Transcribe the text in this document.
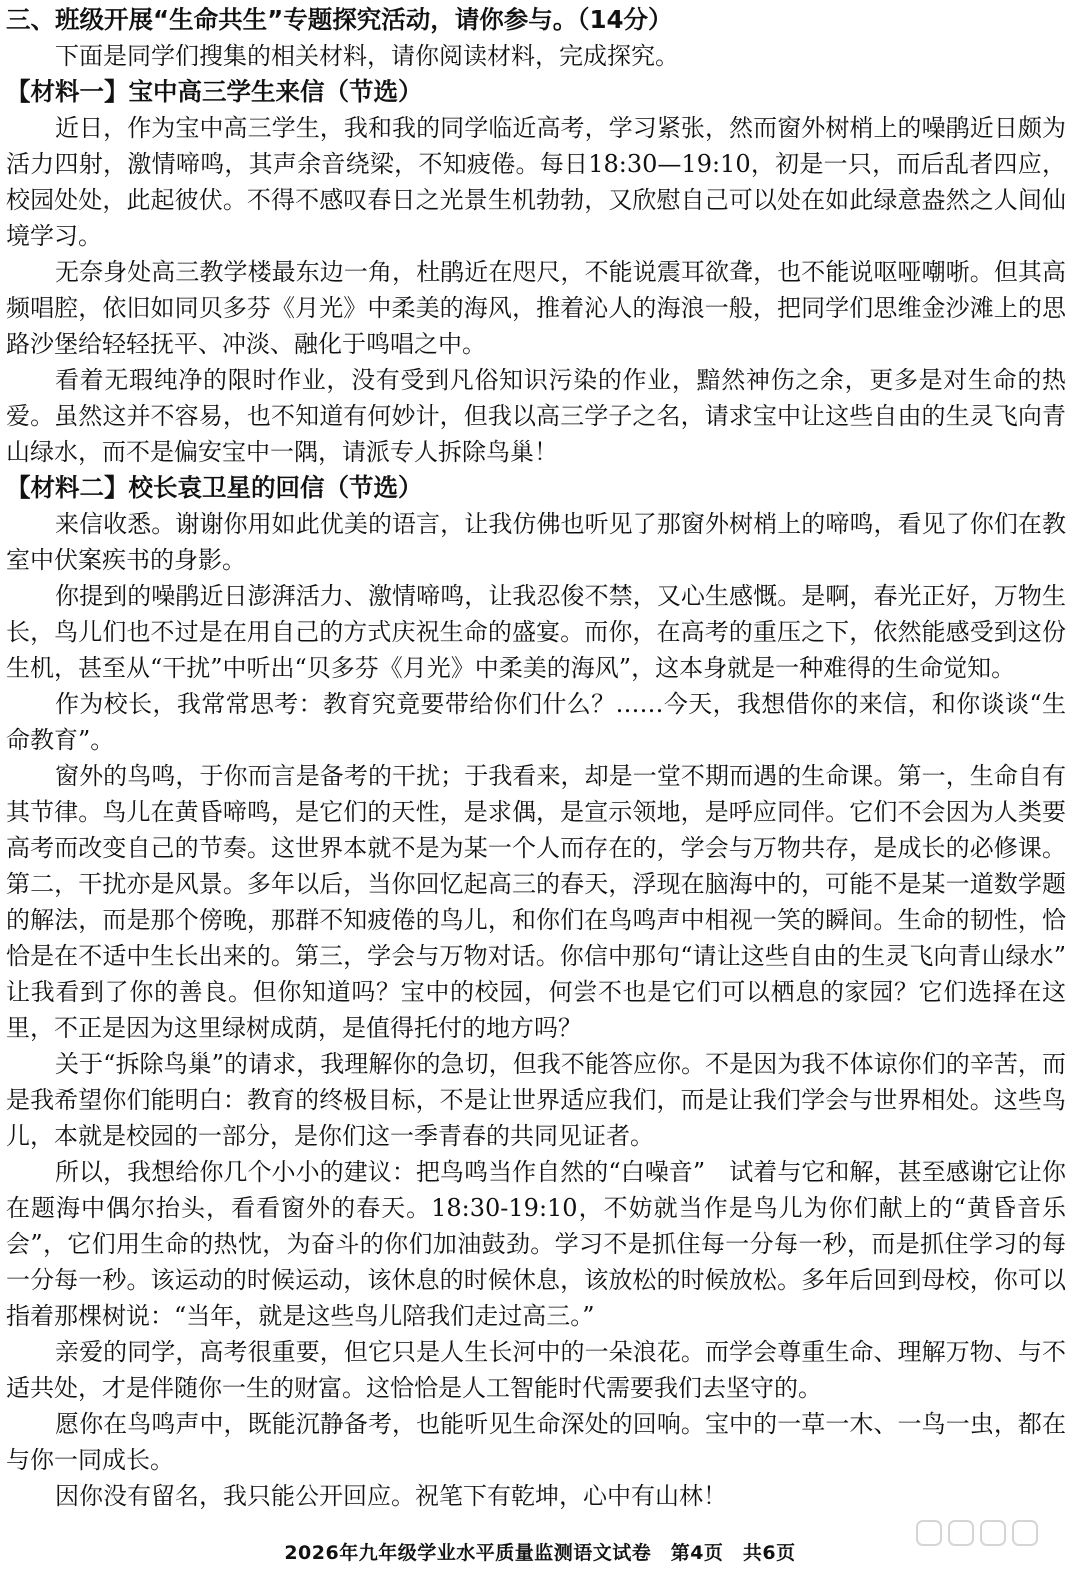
三、班级开展“生命共生”专题探究活动，请你参与。（14分）

下面是同学们搜集的相关材料，请你阅读材料，完成探究。

【材料一】宝中高三学生来信（节选）

近日，作为宝中高三学生，我和我的同学临近高考，学习紧张，然而窗外树梢上的噪鹃近日颇为活力四射，激情啼鸣，其声余音绕梁，不知疲倦。每日18:30—19:10，初是一只，而后乱者四应，校园处处，此起彼伏。不得不感叹春日之光景生机勃勃，又欣慰自己可以处在如此绿意盎然之人间仙境学习。

无奈身处高三教学楼最东边一角，杜鹃近在咫尺，不能说震耳欲聋，也不能说呕哑嘲哳。但其高频唱腔，依旧如同贝多芬《月光》中柔美的海风，推着沁人的海浪一般，把同学们思维金沙滩上的思路沙堡给轻轻抚平、冲淡、融化于鸣唱之中。

看着无瑕纯净的限时作业，没有受到凡俗知识污染的作业，黯然神伤之余，更多是对生命的热爱。虽然这并不容易，也不知道有何妙计，但我以高三学子之名，请求宝中让这些自由的生灵飞向青山绿水，而不是偏安宝中一隅，请派专人拆除鸟巢！

【材料二】校长袁卫星的回信（节选）

来信收悉。谢谢你用如此优美的语言，让我仿佛也听见了那窗外树梢上的啼鸣，看见了你们在教室中伏案疾书的身影。

你提到的噪鹃近日澎湃活力、激情啼鸣，让我忍俊不禁，又心生感慨。是啊，春光正好，万物生长，鸟儿们也不过是在用自己的方式庆祝生命的盛宴。而你，在高考的重压之下，依然能感受到这份生机，甚至从“干扰”中听出“贝多芬《月光》中柔美的海风”，这本身就是一种难得的生命觉知。

作为校长，我常常思考：教育究竟要带给你们什么？……今天，我想借你的来信，和你谈谈“生命教育”。

窗外的鸟鸣，于你而言是备考的干扰；于我看来，却是一堂不期而遇的生命课。第一，生命自有其节律。鸟儿在黄昏啼鸣，是它们的天性，是求偶，是宣示领地，是呼应同伴。它们不会因为人类要高考而改变自己的节奏。这世界本就不是为某一个人而存在的，学会与万物共存，是成长的必修课。第二，干扰亦是风景。多年以后，当你回忆起高三的春天，浮现在脑海中的，可能不是某一道数学题的解法，而是那个傍晚，那群不知疲倦的鸟儿，和你们在鸟鸣声中相视一笑的瞬间。生命的韧性，恰恰是在不适中生长出来的。第三，学会与万物对话。你信中那句“请让这些自由的生灵飞向青山绿水”　让我看到了你的善良。但你知道吗？宝中的校园，何尝不也是它们可以栖息的家园？它们选择在这里，不正是因为这里绿树成荫，是值得托付的地方吗？

关于“拆除鸟巢”的请求，我理解你的急切，但我不能答应你。不是因为我不体谅你们的辛苦，而是我希望你们能明白：教育的终极目标，不是让世界适应我们，而是让我们学会与世界相处。这些鸟儿，本就是校园的一部分，是你们这一季青春的共同见证者。

所以，我想给你几个小小的建议：把鸟鸣当作自然的“白噪音”　试着与它和解，甚至感谢它让你在题海中偶尔抬头，看看窗外的春天。18:30-19:10，不妨就当作是鸟儿为你们献上的“黄昏音乐会”，它们用生命的热忱，为奋斗的你们加油鼓劲。学习不是抓住每一分每一秒，而是抓住学习的每一分每一秒。该运动的时候运动，该休息的时候休息，该放松的时候放松。多年后回到母校，你可以指着那棵树说：“当年，就是这些鸟儿陪我们走过高三。”

亲爱的同学，高考很重要，但它只是人生长河中的一朵浪花。而学会尊重生命、理解万物、与不适共处，才是伴随你一生的财富。这恰恰是人工智能时代需要我们去坚守的。

愿你在鸟鸣声中，既能沉静备考，也能听见生命深处的回响。宝中的一草一木、一鸟一虫，都在与你一同成长。

因你没有留名，我只能公开回应。祝笔下有乾坤，心中有山林！

2026年九年级学业水平质量监测语文试卷　第4页　共6页
